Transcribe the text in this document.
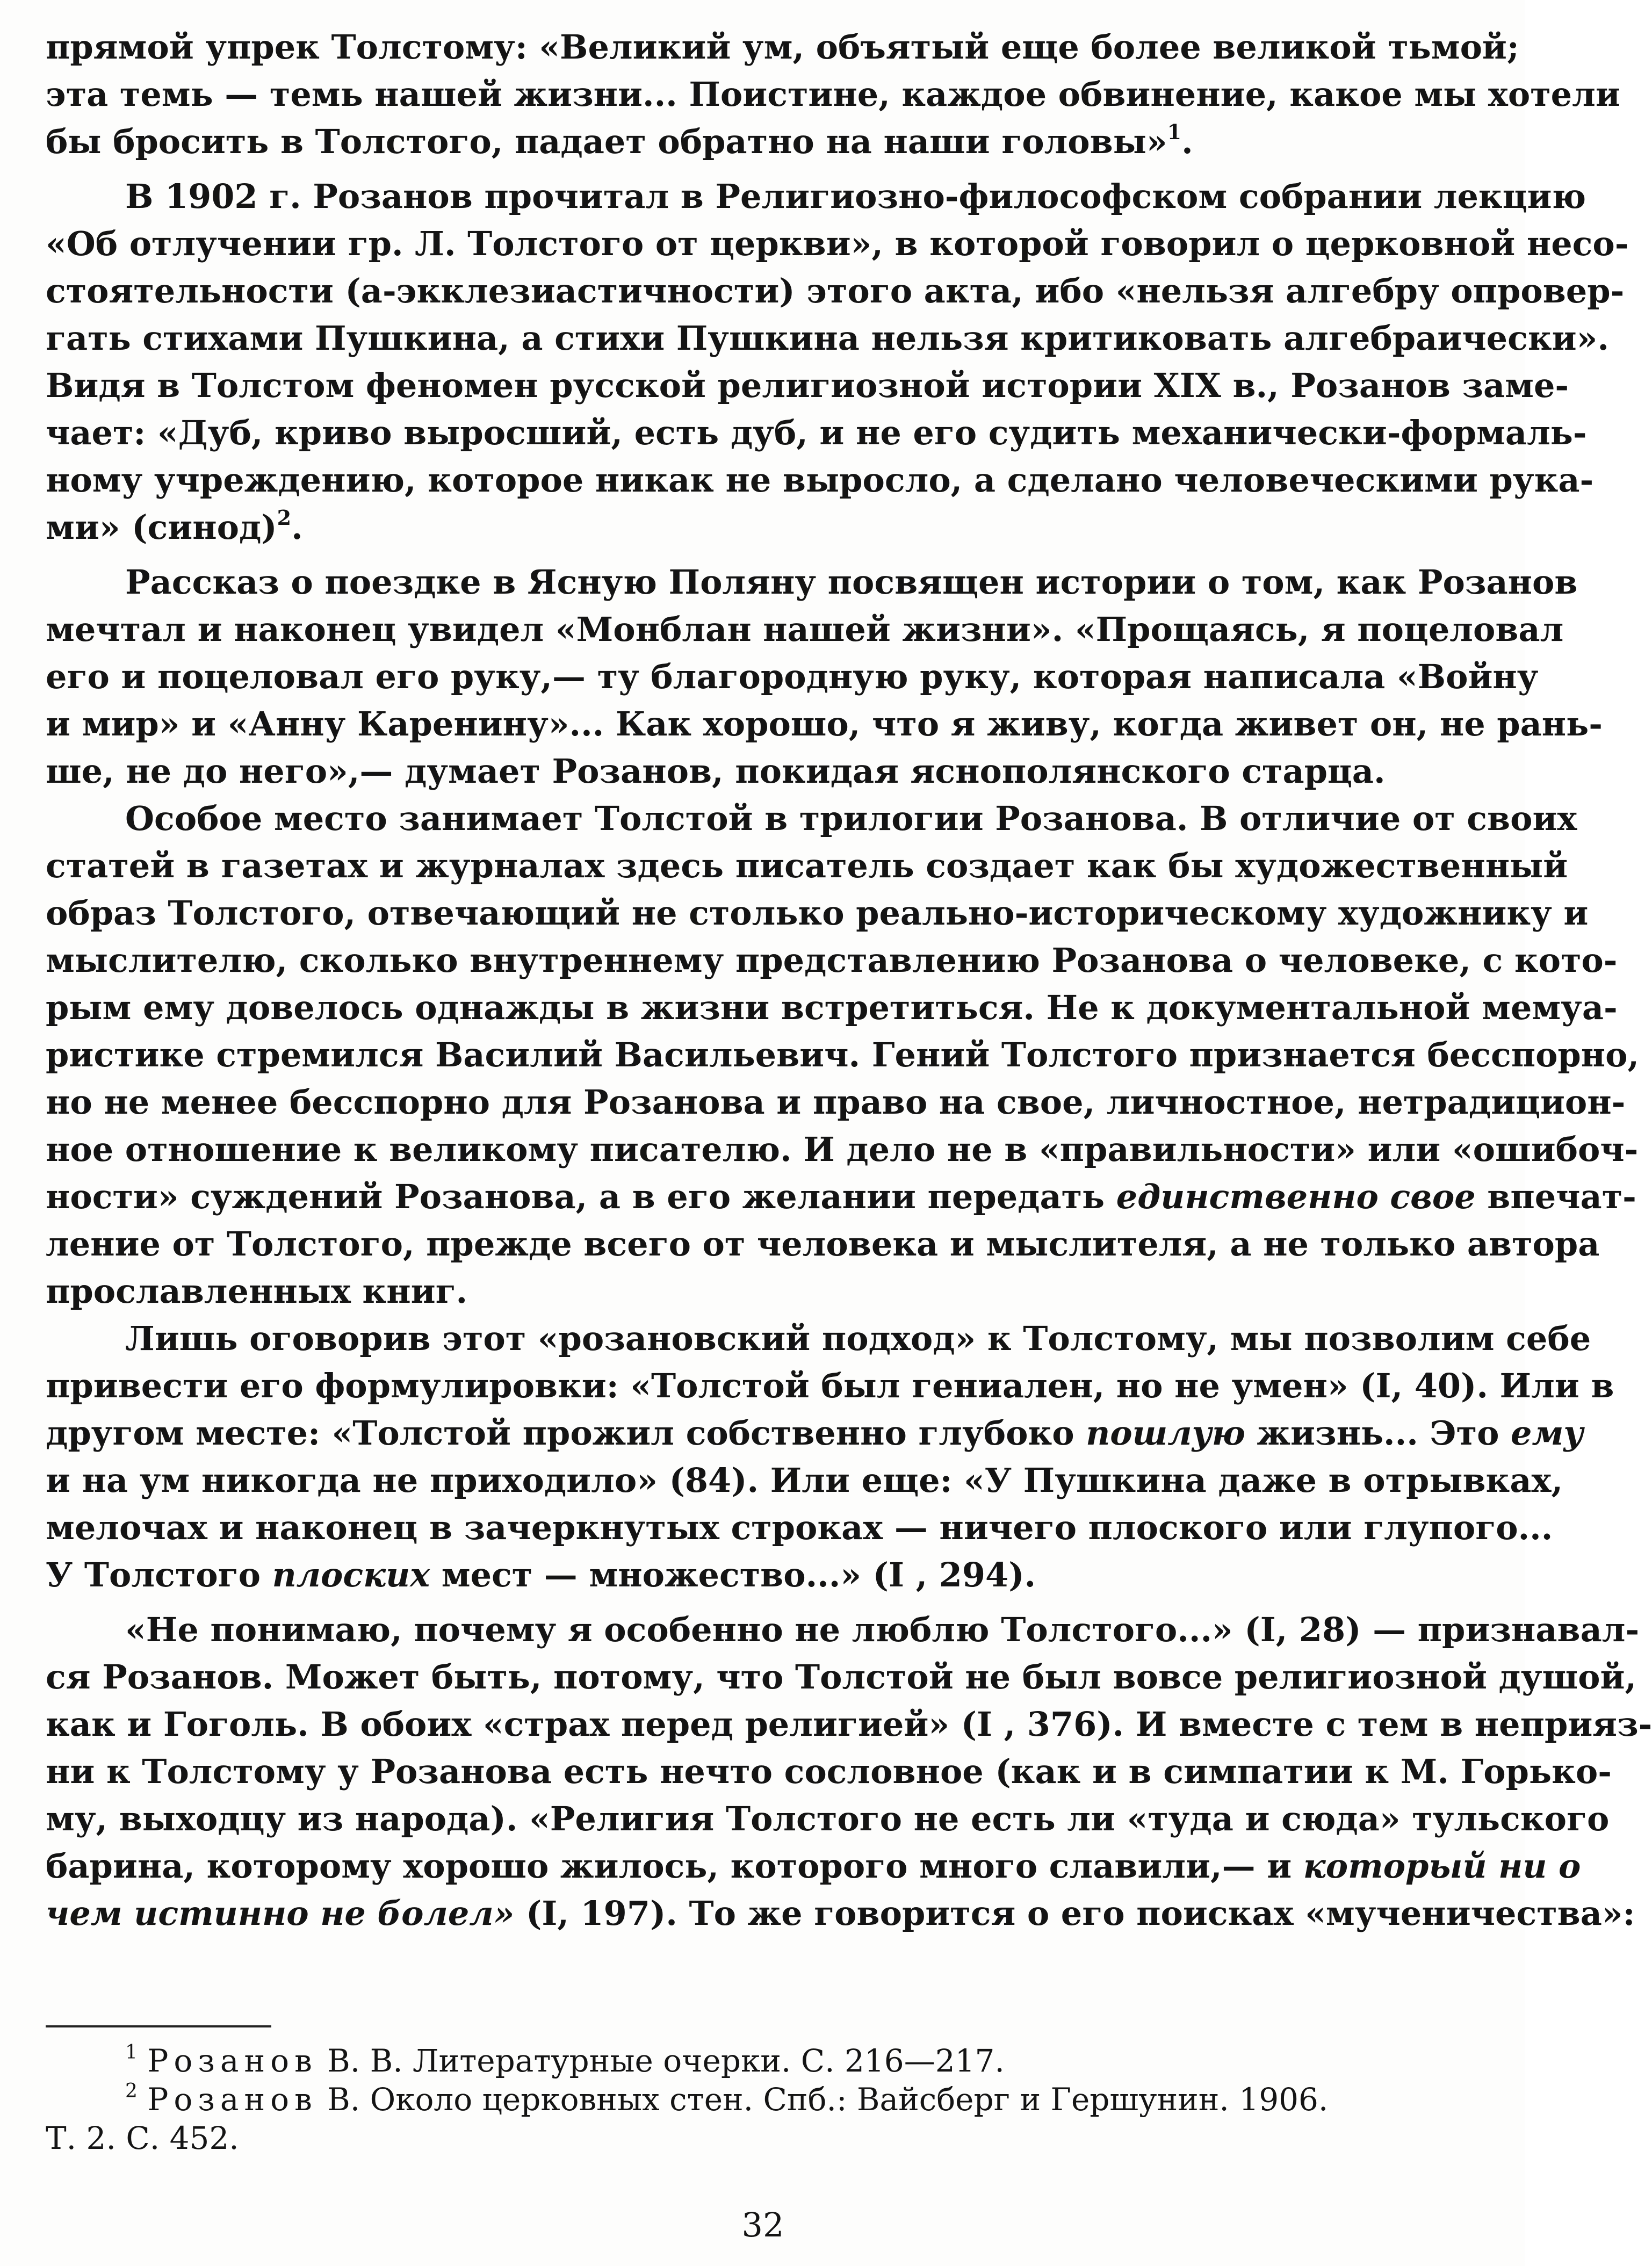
прямой упрек Толстому: «Великий ум, объятый еще более великой тьмой;
эта темь — темь нашей жизни... Поистине, каждое обвинение, какое мы хотели
бы бросить в Толстого, падает обратно на наши головы»$^1$.
В 1902 г. Розанов прочитал в Религиозно-философском собрании лекцию
«Об отлучении гр. Л. Толстого от церкви», в которой говорил о церковной несо-
стоятельности (а-экклезиастичности) этого акта, ибо «нельзя алгебру опровер-
гать стихами Пушкина, а стихи Пушкина нельзя критиковать алгебраически».
Видя в Толстом феномен русской религиозной истории XIX в., Розанов заме-
чает: «Дуб, криво выросший, есть дуб, и не его судить механически-формаль-
ному учреждению, которое никак не выросло, а сделано человеческими рука-
ми» (синод)$^2$.
Рассказ о поездке в Ясную Поляну посвящен истории о том, как Розанов
мечтал и наконец увидел «Монблан нашей жизни». «Прощаясь, я поцеловал
его и поцеловал его руку,— ту благородную руку, которая написала «Войну
и мир» и «Анну Каренину»... Как хорошо, что я живу, когда живет он, не рань-
ше, не до него»,— думает Розанов, покидая яснополянского старца.
Особое место занимает Толстой в трилогии Розанова. В отличие от своих
статей в газетах и журналах здесь писатель создает как бы художественный
образ Толстого, отвечающий не столько реально-историческому художнику и
мыслителю, сколько внутреннему представлению Розанова о человеке, с кото-
рым ему довелось однажды в жизни встретиться. Не к документальной мемуа-
ристике стремился Василий Васильевич. Гений Толстого признается бесспорно,
но не менее бесспорно для Розанова и право на свое, личностное, нетрадицион-
ное отношение к великому писателю. И дело не в «правильности» или «ошибоч-
ности» суждений Розанова, а в его желании передать единственно свое впечат-
ление от Толстого, прежде всего от человека и мыслителя, а не только автора
прославленных книг.
Лишь оговорив этот «розановский подход» к Толстому, мы позволим себе
привести его формулировки: «Толстой был гениален, но не умен» (I, 40). Или в
другом месте: «Толстой прожил собственно глубоко пошлую жизнь... Это ему
и на ум никогда не приходило» (84). Или еще: «У Пушкина даже в отрывках,
мелочах и наконец в зачеркнутых строках — ничего плоского или глупого...
У Толстого плоских мест — множество...» (I , 294).
«Не понимаю, почему я особенно не люблю Толстого...» (I, 28) — признавал-
ся Розанов. Может быть, потому, что Толстой не был вовсе религиозной душой,
как и Гоголь. В обоих «страх перед религией» (I , 376). И вместе с тем в неприяз-
ни к Толстому у Розанова есть нечто сословное (как и в симпатии к М. Горько-
му, выходцу из народа). «Религия Толстого не есть ли «туда и сюда» тульского
барина, которому хорошо жилось, которого много славили,— и который ни о
чем истинно не болел» (I, 197). То же говорится о его поисках «мученичества»:
$^1$ Розанов В. В. Литературные очерки. С. 216—217.
$^2$ Розанов В. Около церковных стен. Спб.: Вайсберг и Гершунин. 1906.
Т. 2. С. 452.
32
